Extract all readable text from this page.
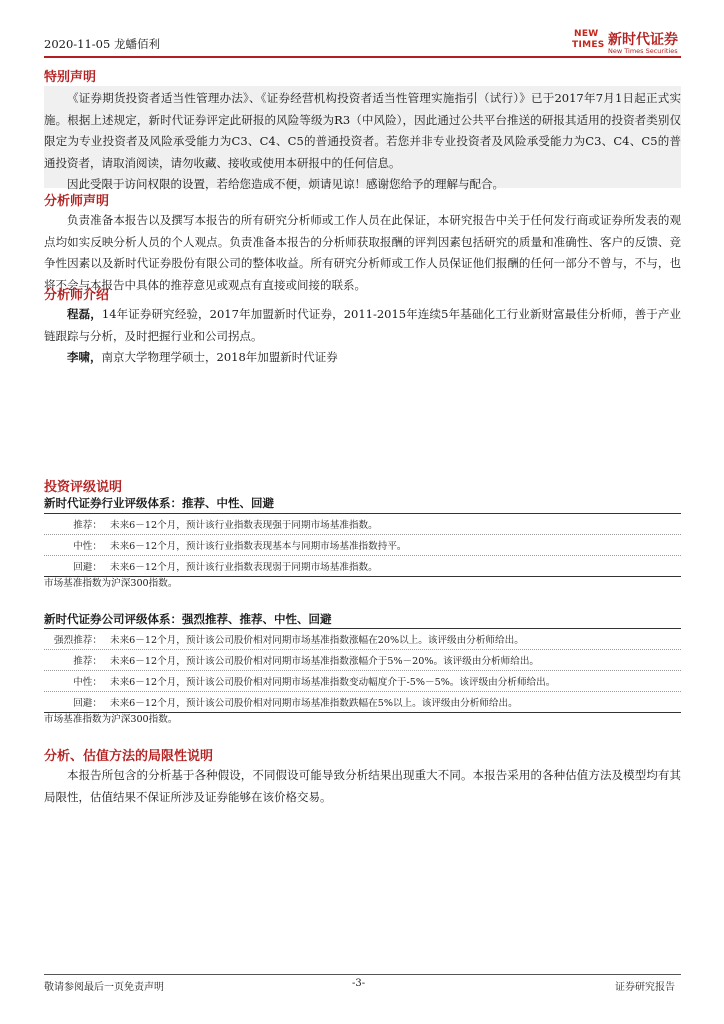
2020-11-05 龙蟠佰利
NEW
TIMES 新时代证券
New Times Securities
特别声明

《证券期货投资者适当性管理办法》、《证券经营机构投资者适当性管理实施指引（试行）》已于2017年7月1日起正式实施。根据上述规定，新时代证券评定此研报的风险等级为R3（中风险），因此通过公共平台推送的研报其适用的投资者类别仅限定为专业投资者及风险承受能力为C3、C4、C5的普通投资者。若您并非专业投资者及风险承受能力为C3、C4、C5的普通投资者，请取消阅读，请勿收藏、接收或使用本研报中的任何信息。

因此受限于访问权限的设置，若给您造成不便，烦请见谅！感谢您给予的理解与配合。

分析师声明

负责准备本报告以及撰写本报告的所有研究分析师或工作人员在此保证，本研究报告中关于任何发行商或证券所发表的观点均如实反映分析人员的个人观点。负责准备本报告的分析师获取报酬的评判因素包括研究的质量和准确性、客户的反馈、竞争性因素以及新时代证券股份有限公司的整体收益。所有研究分析师或工作人员保证他们报酬的任何一部分不曾与，不与，也将不会与本报告中具体的推荐意见或观点有直接或间接的联系。

分析师介绍

程磊，14年证券研究经验，2017年加盟新时代证券，2011-2015年连续5年基础化工行业新财富最佳分析师，善于产业链跟踪与分析，及时把握行业和公司拐点。

李啸，南京大学物理学硕士，2018年加盟新时代证券

投资评级说明
新时代证券行业评级体系：推荐、中性、回避
推荐： 未来6－12个月，预计该行业指数表现强于同期市场基准指数。
中性： 未来6－12个月，预计该行业指数表现基本与同期市场基准指数持平。
回避： 未来6－12个月，预计该行业指数表现弱于同期市场基准指数。
市场基准指数为沪深300指数。
新时代证券公司评级体系：强烈推荐、推荐、中性、回避
强烈推荐： 未来6－12个月，预计该公司股价相对同期市场基准指数涨幅在20%以上。该评级由分析师给出。
推荐： 未来6－12个月，预计该公司股价相对同期市场基准指数涨幅介于5%－20%。该评级由分析师给出。
中性： 未来6－12个月，预计该公司股价相对同期市场基准指数变动幅度介于-5%－5%。该评级由分析师给出。
回避： 未来6－12个月，预计该公司股价相对同期市场基准指数跌幅在5%以上。该评级由分析师给出。
市场基准指数为沪深300指数。
分析、估值方法的局限性说明

本报告所包含的分析基于各种假设，不同假设可能导致分析结果出现重大不同。本报告采用的各种估值方法及模型均有其局限性，估值结果不保证所涉及证券能够在该价格交易。

敬请参阅最后一页免责声明	-3-	证券研究报告
